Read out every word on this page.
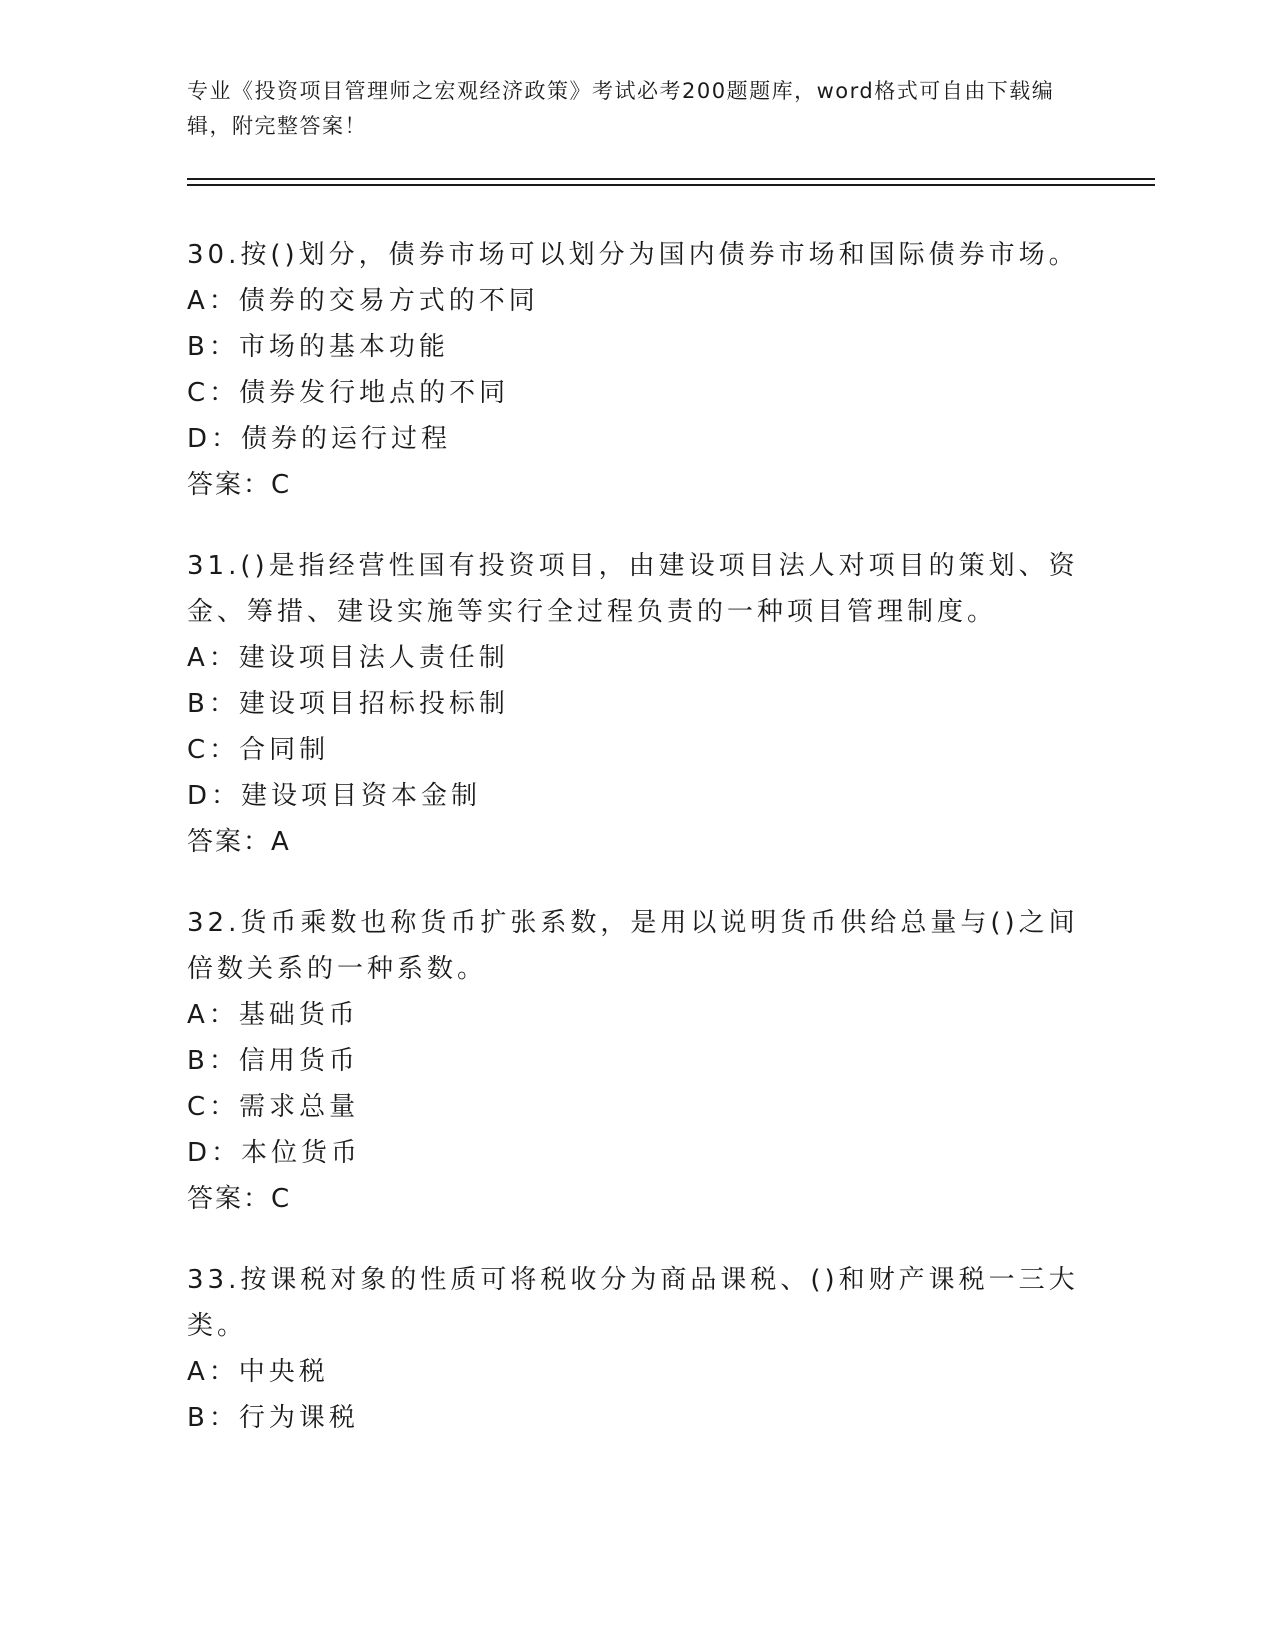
专业《投资项目管理师之宏观经济政策》考试必考200题题库，word格式可自由下载编辑，附完整答案！
30.按()划分，债券市场可以划分为国内债券市场和国际债券市场。
A：债券的交易方式的不同
B：市场的基本功能
C：债券发行地点的不同
D：债券的运行过程
答案：C
31.()是指经营性国有投资项目，由建设项目法人对项目的策划、资金、筹措、建设实施等实行全过程负责的一种项目管理制度。
A：建设项目法人责任制
B：建设项目招标投标制
C：合同制
D：建设项目资本金制
答案：A
32.货币乘数也称货币扩张系数，是用以说明货币供给总量与()之间倍数关系的一种系数。
A：基础货币
B：信用货币
C：需求总量
D：本位货币
答案：C
33.按课税对象的性质可将税收分为商品课税、()和财产课税一三大类。
A：中央税
B：行为课税
